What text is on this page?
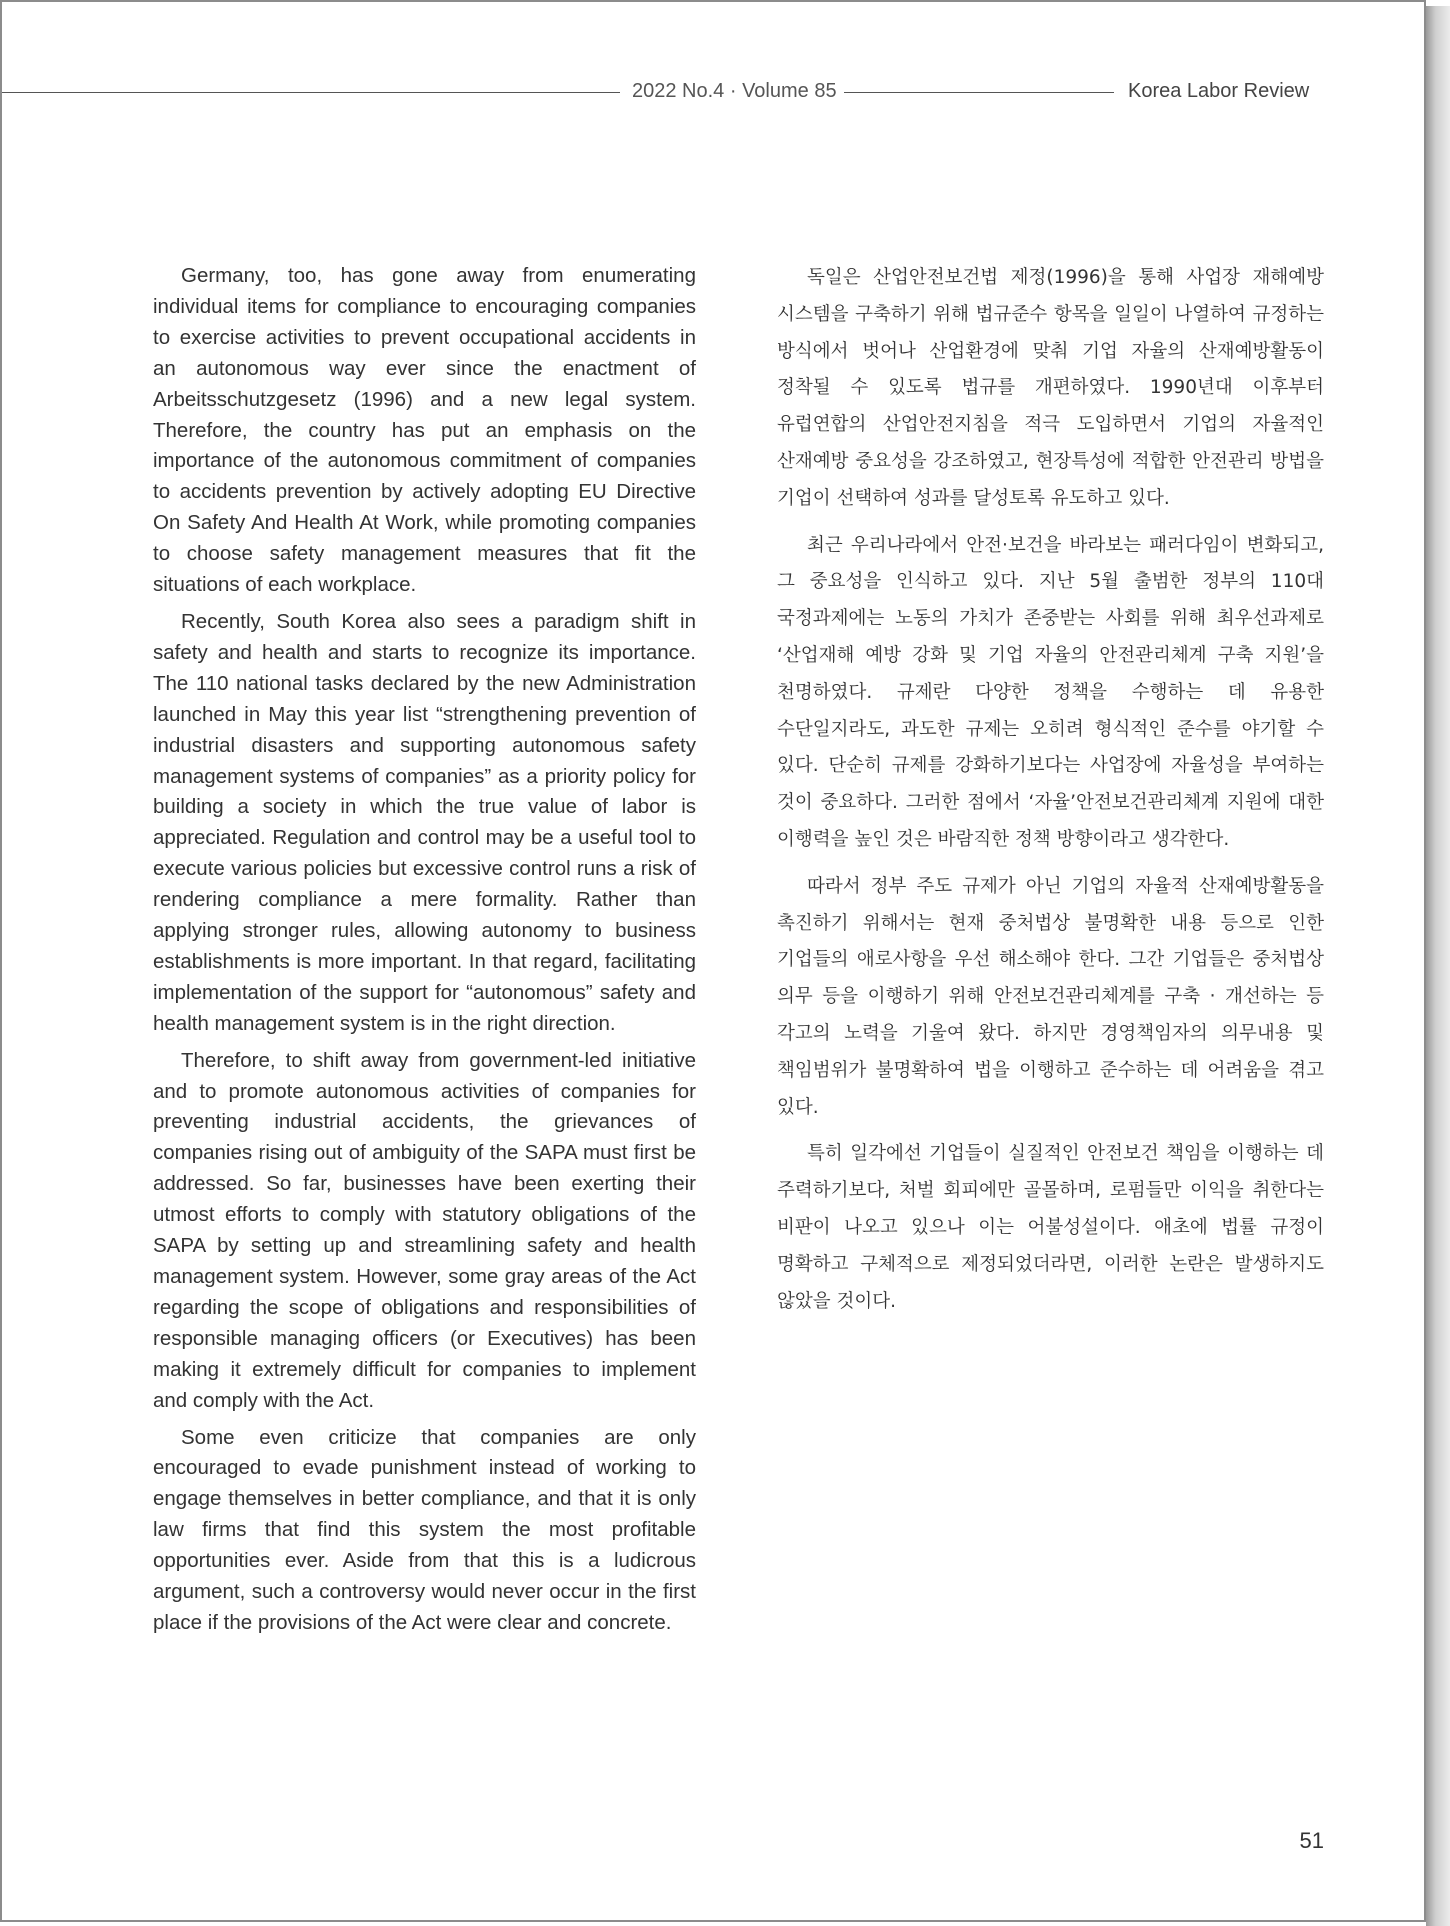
2022 No.4 · Volume 85	Korea Labor Review

Germany, too, has gone away from enumerating individual items for compliance to encouraging companies to exercise activities to prevent occupational accidents in an autonomous way ever since the enactment of Arbeitsschutzgesetz (1996) and a new legal system. Therefore, the country has put an emphasis on the importance of the autonomous commitment of companies to accidents prevention by actively adopting EU Directive On Safety And Health At Work, while promoting companies to choose safety management measures that fit the situations of each workplace.

Recently, South Korea also sees a paradigm shift in safety and health and starts to recognize its importance. The 110 national tasks declared by the new Administration launched in May this year list “strengthening prevention of industrial disasters and supporting autonomous safety management systems of companies” as a priority policy for building a society in which the true value of labor is appreciated. Regulation and control may be a useful tool to execute various policies but excessive control runs a risk of rendering compliance a mere formality. Rather than applying stronger rules, allowing autonomy to business establishments is more important. In that regard, facilitating implementation of the support for “autonomous” safety and health management system is in the right direction.

Therefore, to shift away from government-led initiative and to promote autonomous activities of companies for preventing industrial accidents, the grievances of companies rising out of ambiguity of the SAPA must first be addressed. So far, businesses have been exerting their utmost efforts to comply with statutory obligations of the SAPA by setting up and streamlining safety and health management system. However, some gray areas of the Act regarding the scope of obligations and responsibilities of responsible managing officers (or Executives) has been making it extremely difficult for companies to implement and comply with the Act.

Some even criticize that companies are only encouraged to evade punishment instead of working to engage themselves in better compliance, and that it is only law firms that find this system the most profitable opportunities ever. Aside from that this is a ludicrous argument, such a controversy would never occur in the first place if the provisions of the Act were clear and concrete.

독일은 산업안전보건법 제정(1996)을 통해 사업장 재해예방 시스템을 구축하기 위해 법규준수 항목을 일일이 나열하여 규정하는 방식에서 벗어나 산업환경에 맞춰 기업 자율의 산재예방활동이 정착될 수 있도록 법규를 개편하였다. 1990년대 이후부터 유럽연합의 산업안전지침을 적극 도입하면서 기업의 자율적인 산재예방 중요성을 강조하였고, 현장특성에 적합한 안전관리 방법을 기업이 선택하여 성과를 달성토록 유도하고 있다.

최근 우리나라에서 안전·보건을 바라보는 패러다임이 변화되고, 그 중요성을 인식하고 있다. 지난 5월 출범한 정부의 110대 국정과제에는 노동의 가치가 존중받는 사회를 위해 최우선과제로 ‘산업재해 예방 강화 및 기업 자율의 안전관리체계 구축 지원’을 천명하였다. 규제란 다양한 정책을 수행하는 데 유용한 수단일지라도, 과도한 규제는 오히려 형식적인 준수를 야기할 수 있다. 단순히 규제를 강화하기보다는 사업장에 자율성을 부여하는 것이 중요하다. 그러한 점에서 ‘자율’안전보건관리체계 지원에 대한 이행력을 높인 것은 바람직한 정책 방향이라고 생각한다.

따라서 정부 주도 규제가 아닌 기업의 자율적 산재예방활동을 촉진하기 위해서는 현재 중처법상 불명확한 내용 등으로 인한 기업들의 애로사항을 우선 해소해야 한다. 그간 기업들은 중처법상 의무 등을 이행하기 위해 안전보건관리체계를 구축 · 개선하는 등 각고의 노력을 기울여 왔다. 하지만 경영책임자의 의무내용 및 책임범위가 불명확하여 법을 이행하고 준수하는 데 어려움을 겪고 있다.

특히 일각에선 기업들이 실질적인 안전보건 책임을 이행하는 데 주력하기보다, 처벌 회피에만 골몰하며, 로펌들만 이익을 취한다는 비판이 나오고 있으나 이는 어불성설이다. 애초에 법률 규정이 명확하고 구체적으로 제정되었더라면, 이러한 논란은 발생하지도 않았을 것이다.

51
